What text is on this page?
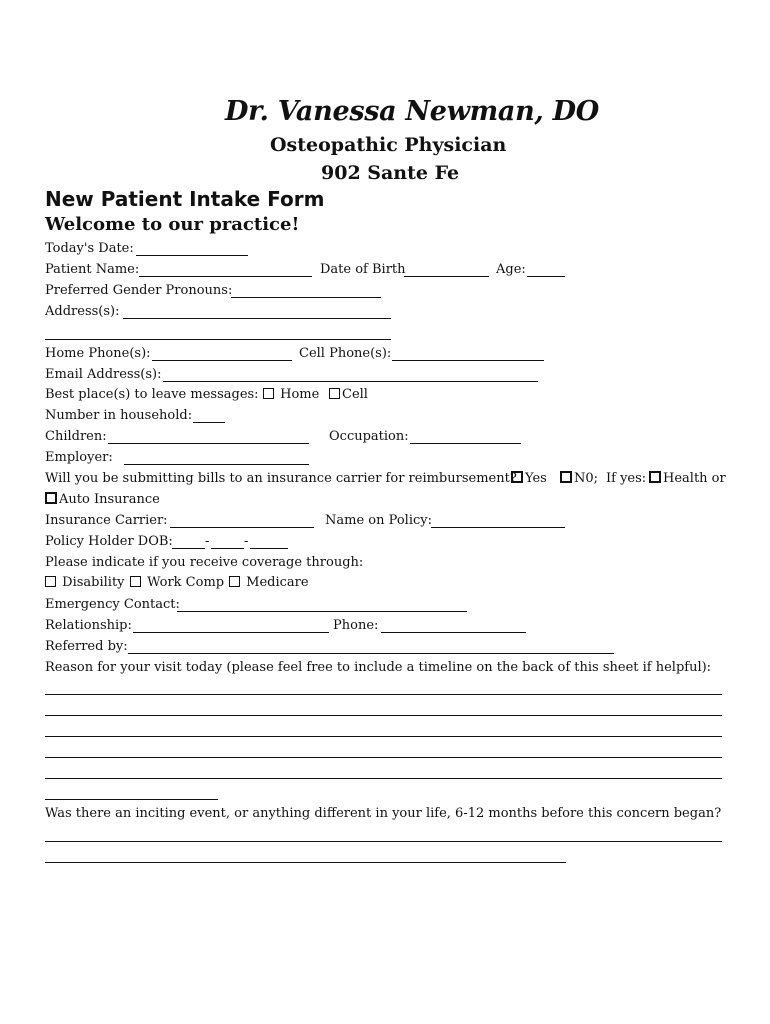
Dr. Vanessa Newman, DO
Osteopathic Physician
902 Sante Fe
New Patient Intake Form
Welcome to our practice!
Today's Date:
Patient Name:	Date of Birth	Age:
Preferred Gender Pronouns:
Address(s):
Home Phone(s):	Cell Phone(s):
Email Address(s):
Best place(s) to leave messages:	Home	Cell
Number in household:
Children:	Occupation:
Employer:
Will you be submitting bills to an insurance carrier for reimbursement? Yes	N0; If yes:	Health or
Auto Insurance
Insurance Carrier:	Name on Policy:
Policy Holder DOB: -	-
Please indicate if you receive coverage through:
Disability	Work Comp	Medicare
Emergency Contact:
Relationship:	Phone:
Referred by:
Reason for your visit today (please feel free to include a timeline on the back of this sheet if helpful):
Was there an inciting event, or anything different in your life, 6-12 months before this concern began?
